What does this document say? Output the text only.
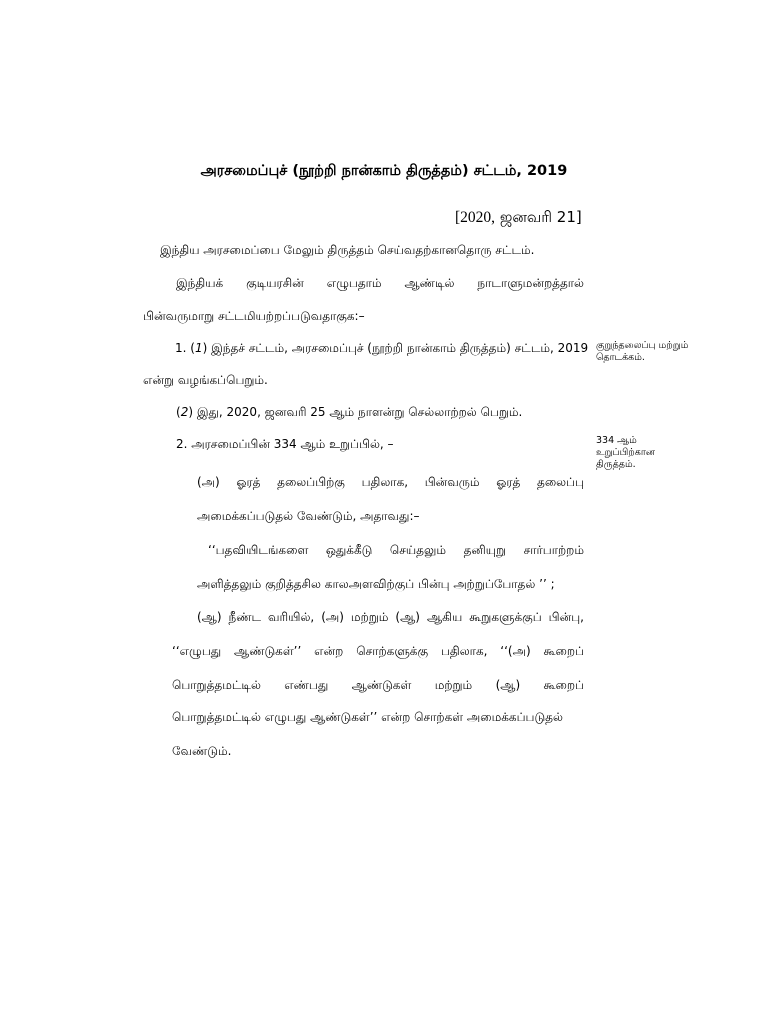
அரசமைப்புச் (நூற்றி நான்காம் திருத்தம்) சட்டம், 2019
[2020, ஜனவரி 21]
இந்திய அரசமைப்பை மேலும் திருத்தம் செய்வதற்கானதொரு சட்டம்.
இந்தியக் குடியரசின் எழுபதாம் ஆண்டில் நாடாளுமன்றத்தால்
பின்வருமாறு சட்டமியற்றப்படுவதாகுக:–
1. (1) இந்தச் சட்டம், அரசமைப்புச் (நூற்றி நான்காம் திருத்தம்) சட்டம், 2019
என்று வழங்கப்பெறும்.
(2) இது, 2020, ஜனவரி 25 ஆம் நாளன்று செல்லாற்றல் பெறும்.
2. அரசமைப்பின் 334 ஆம் உறுப்பில், –
(அ) ஓரத் தலைப்பிற்கு பதிலாக, பின்வரும் ஓரத் தலைப்பு
அமைக்கப்படுதல் வேண்டும், அதாவது:–
‘‘பதவியிடங்களை ஒதுக்கீடு செய்தலும் தனியுறு சார்பாற்றம்
அளித்தலும் குறித்தசில காலஅளவிற்குப் பின்பு அற்றுப்போதல் ’’ ;
(ஆ) நீண்ட வரியில், (அ) மற்றும் (ஆ) ஆகிய கூறுகளுக்குப் பின்பு,
‘‘எழுபது ஆண்டுகள்’’ என்ற சொற்களுக்கு பதிலாக, ‘‘(அ) கூறைப்
பொறுத்தமட்டில் எண்பது ஆண்டுகள் மற்றும் (ஆ) கூறைப்
பொறுத்தமட்டில் எழுபது ஆண்டுகள்’’ என்ற சொற்கள் அமைக்கப்படுதல்
வேண்டும்.
குறுந்தலைப்பு மற்றும்
தொடக்கம்.
334 ஆம்
உறுப்பிற்கான
திருத்தம்.
